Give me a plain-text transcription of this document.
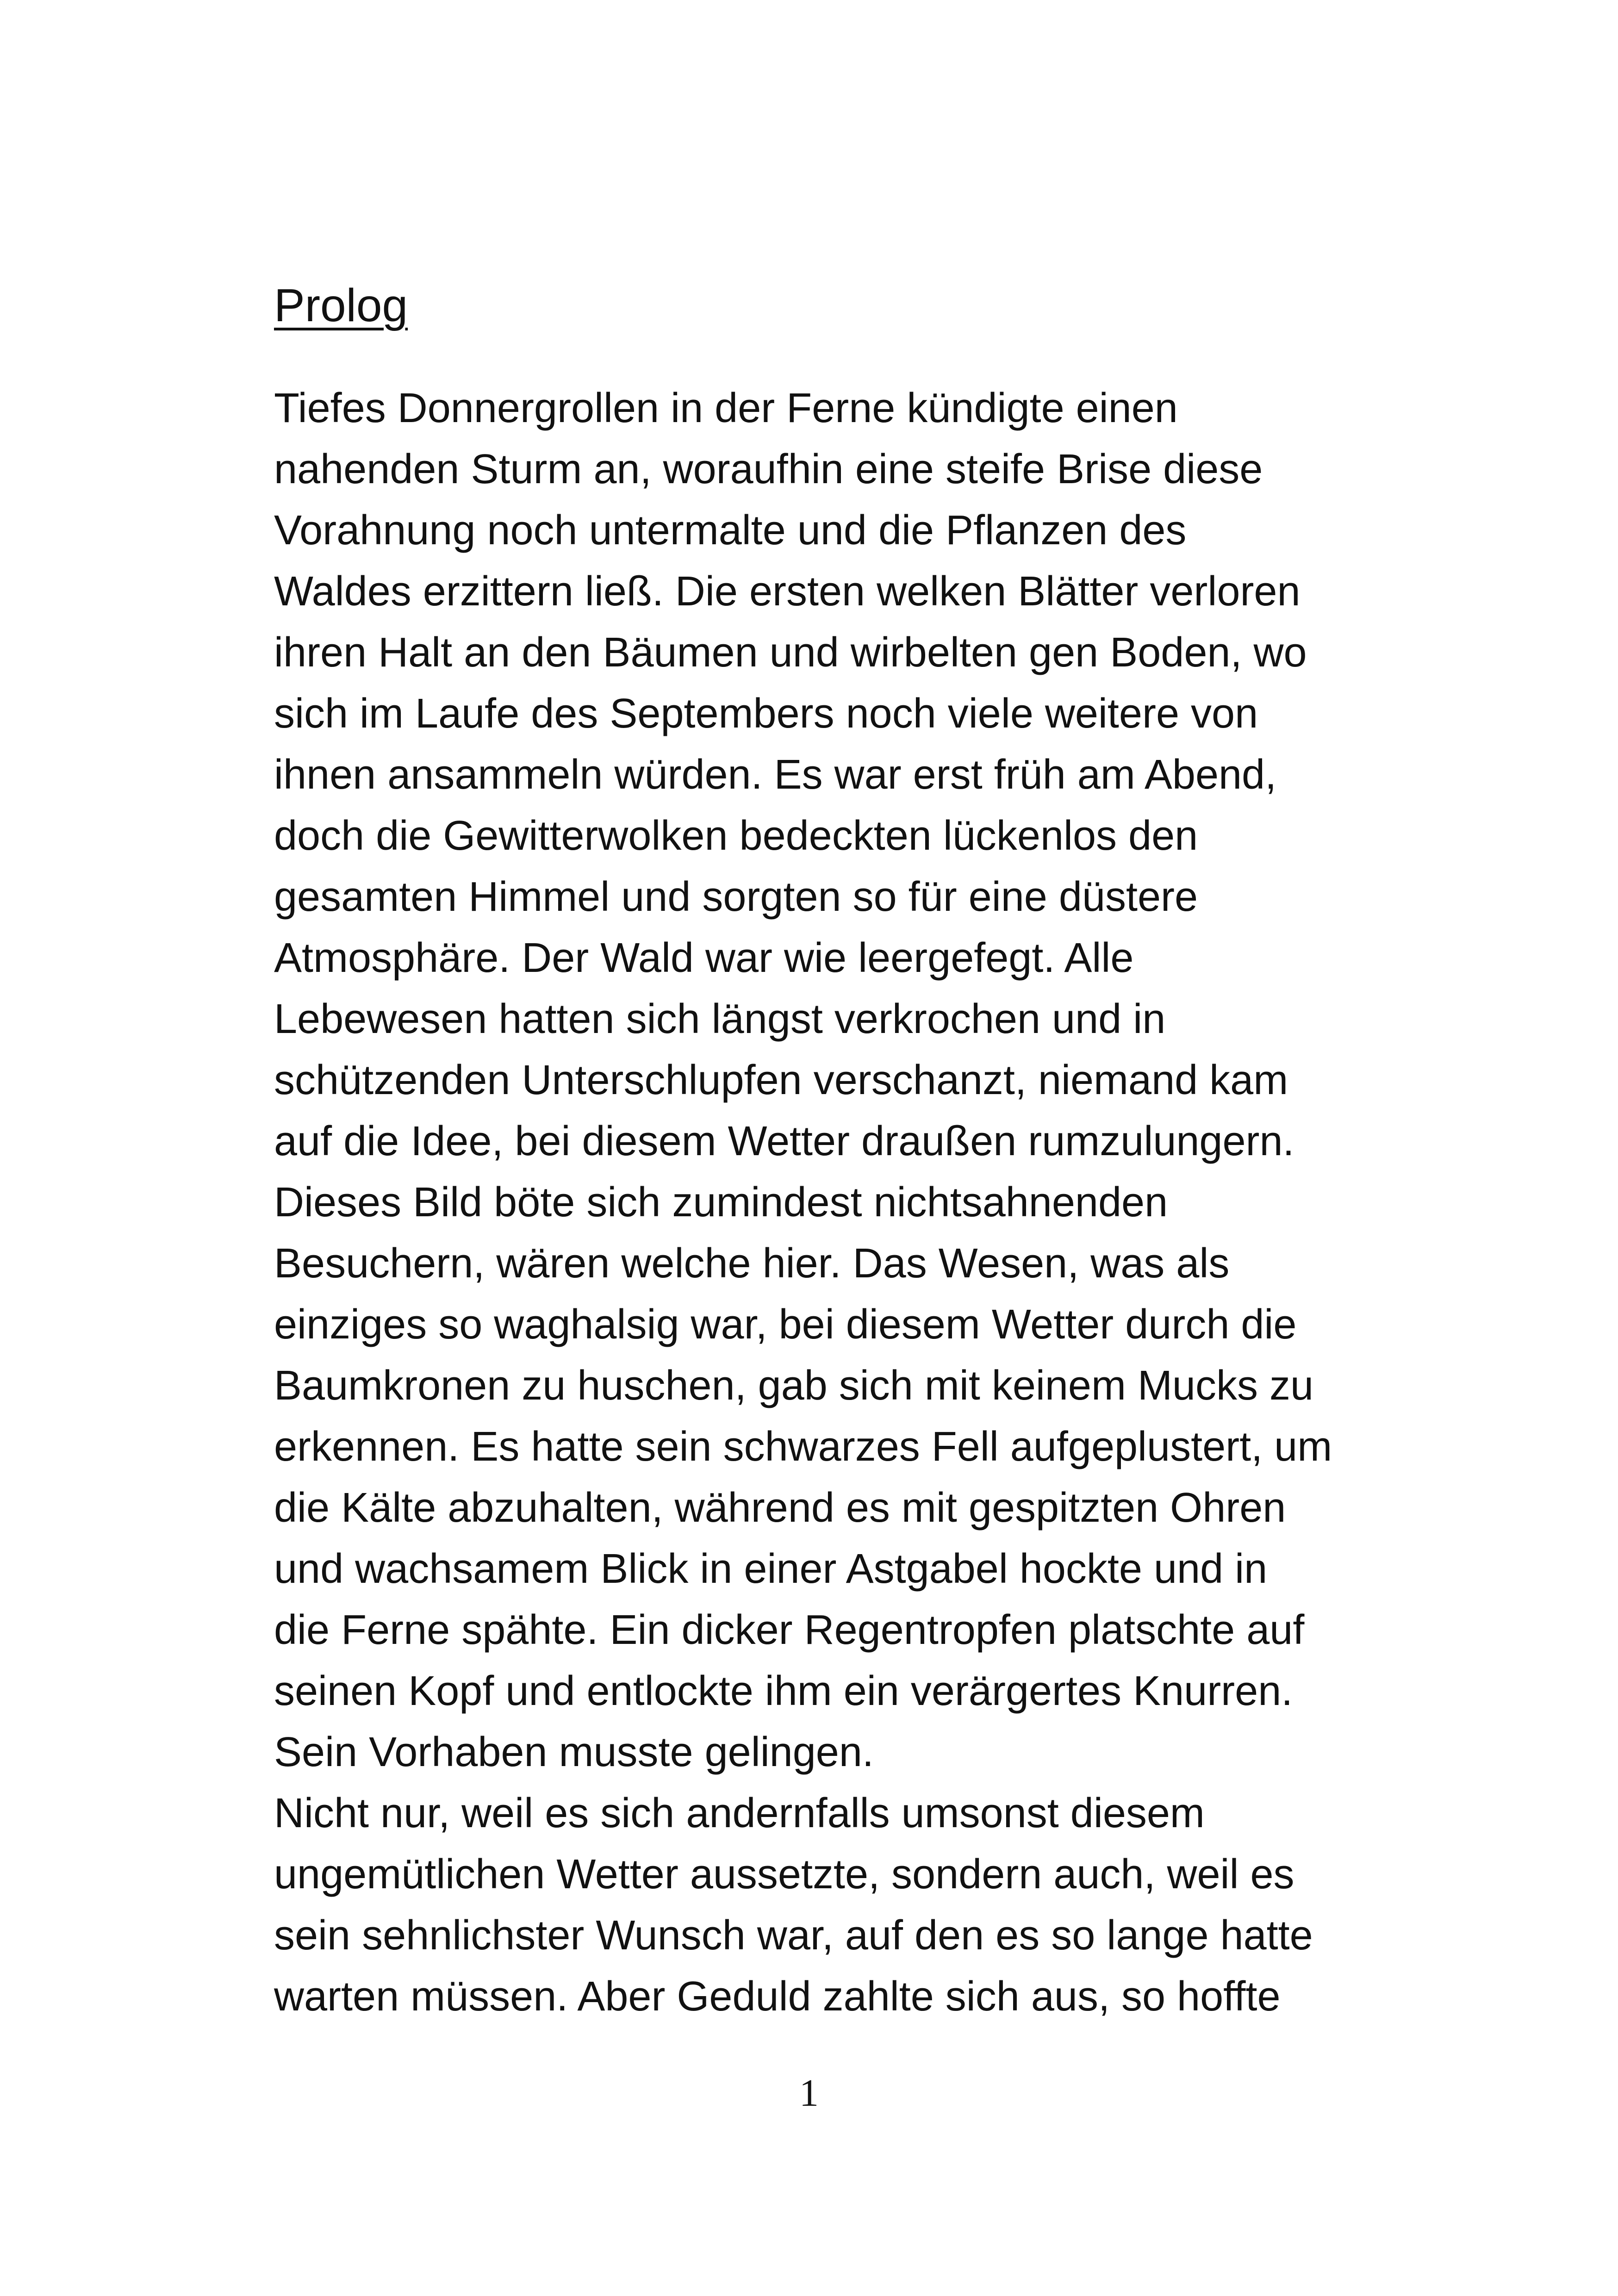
Prolog
Tiefes Donnergrollen in der Ferne kündigte einen
nahenden Sturm an, woraufhin eine steife Brise diese
Vorahnung noch untermalte und die Pflanzen des
Waldes erzittern ließ. Die ersten welken Blätter verloren
ihren Halt an den Bäumen und wirbelten gen Boden, wo
sich im Laufe des Septembers noch viele weitere von
ihnen ansammeln würden. Es war erst früh am Abend,
doch die Gewitterwolken bedeckten lückenlos den
gesamten Himmel und sorgten so für eine düstere
Atmosphäre. Der Wald war wie leergefegt. Alle
Lebewesen hatten sich längst verkrochen und in
schützenden Unterschlupfen verschanzt, niemand kam
auf die Idee, bei diesem Wetter draußen rumzulungern.
Dieses Bild böte sich zumindest nichtsahnenden
Besuchern, wären welche hier. Das Wesen, was als
einziges so waghalsig war, bei diesem Wetter durch die
Baumkronen zu huschen, gab sich mit keinem Mucks zu
erkennen. Es hatte sein schwarzes Fell aufgeplustert, um
die Kälte abzuhalten, während es mit gespitzten Ohren
und wachsamem Blick in einer Astgabel hockte und in
die Ferne spähte. Ein dicker Regentropfen platschte auf
seinen Kopf und entlockte ihm ein verärgertes Knurren.
Sein Vorhaben musste gelingen.
Nicht nur, weil es sich andernfalls umsonst diesem
ungemütlichen Wetter aussetzte, sondern auch, weil es
sein sehnlichster Wunsch war, auf den es so lange hatte
warten müssen. Aber Geduld zahlte sich aus, so hoffte
1
